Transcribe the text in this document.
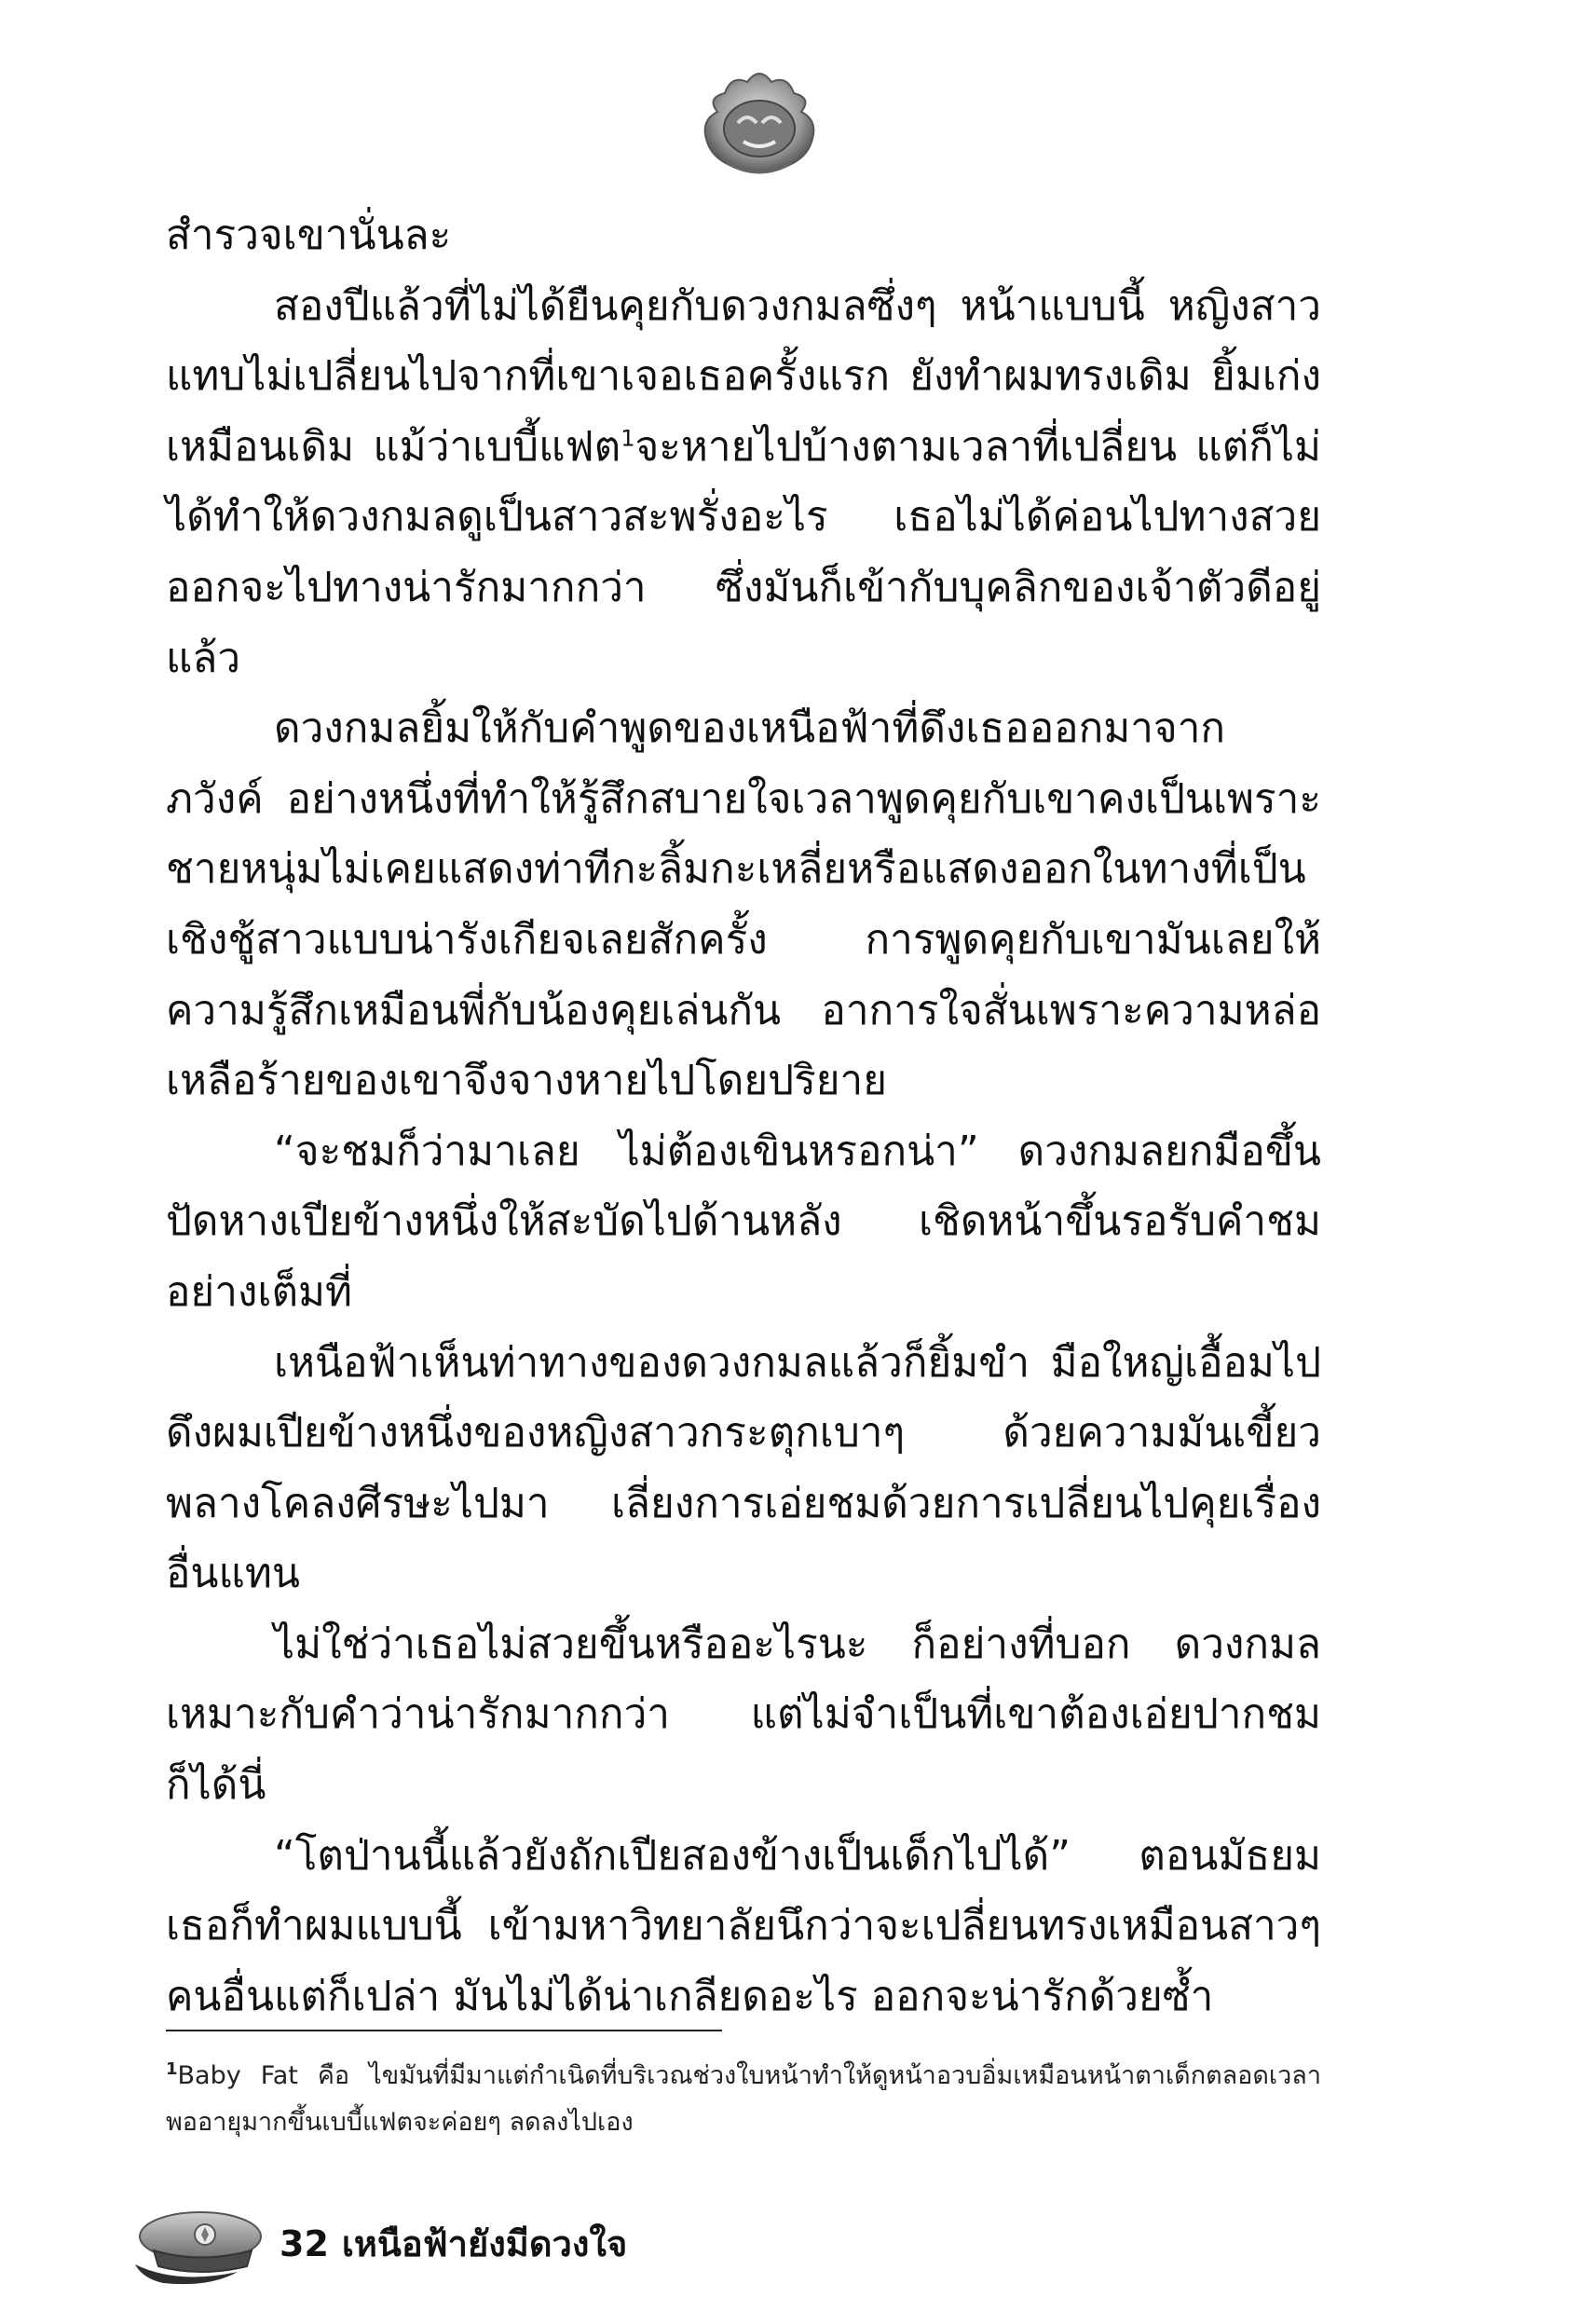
สำรวจเขานั่นละ

สองปีแล้วที่ไม่ได้ยืนคุยกับดวงกมลซึ่งๆ หน้าแบบนี้ หญิงสาวแทบไม่เปลี่ยนไปจากที่เขาเจอเธอครั้งแรก ยังทำผมทรงเดิม ยิ้มเก่งเหมือนเดิม แม้ว่าเบบี้แฟต$^1$จะหายไปบ้างตามเวลาที่เปลี่ยน แต่ก็ไม่ได้ทำให้ดวงกมลดูเป็นสาวสะพรั่งอะไร เธอไม่ได้ค่อนไปทางสวยออกจะไปทางน่ารักมากกว่า ซึ่งมันก็เข้ากับบุคลิกของเจ้าตัวดีอยู่แล้ว

ดวงกมลยิ้มให้กับคำพูดของเหนือฟ้าที่ดึงเธอออกมาจากภวังค์ อย่างหนึ่งที่ทำให้รู้สึกสบายใจเวลาพูดคุยกับเขาคงเป็นเพราะชายหนุ่มไม่เคยแสดงท่าทีกะลิ้มกะเหลี่ยหรือแสดงออกในทางที่เป็นเชิงชู้สาวแบบน่ารังเกียจเลยสักครั้ง การพูดคุยกับเขามันเลยให้ความรู้สึกเหมือนพี่กับน้องคุยเล่นกัน อาการใจสั่นเพราะความหล่อเหลือร้ายของเขาจึงจางหายไปโดยปริยาย

“จะชมก็ว่ามาเลย ไม่ต้องเขินหรอกน่า” ดวงกมลยกมือขึ้นปัดหางเปียข้างหนึ่งให้สะบัดไปด้านหลัง เชิดหน้าขึ้นรอรับคำชมอย่างเต็มที่

เหนือฟ้าเห็นท่าทางของดวงกมลแล้วก็ยิ้มขำ มือใหญ่เอื้อมไปดึงผมเปียข้างหนึ่งของหญิงสาวกระตุกเบาๆ ด้วยความมันเขี้ยว พลางโคลงศีรษะไปมา เลี่ยงการเอ่ยชมด้วยการเปลี่ยนไปคุยเรื่องอื่นแทน

ไม่ใช่ว่าเธอไม่สวยขึ้นหรืออะไรนะ ก็อย่างที่บอก ดวงกมลเหมาะกับคำว่าน่ารักมากกว่า แต่ไม่จำเป็นที่เขาต้องเอ่ยปากชมก็ได้นี่

“โตป่านนี้แล้วยังถักเปียสองข้างเป็นเด็กไปได้” ตอนมัธยมเธอก็ทำผมแบบนี้ เข้ามหาวิทยาลัยนึกว่าจะเปลี่ยนทรงเหมือนสาวๆ คนอื่นแต่ก็เปล่า มันไม่ได้น่าเกลียดอะไร ออกจะน่ารักด้วยซ้ำ

$^1$Baby Fat คือ ไขมันที่มีมาแต่กำเนิดที่บริเวณช่วงใบหน้าทำให้ดูหน้าอวบอิ่มเหมือนหน้าตาเด็กตลอดเวลา พออายุมากขึ้นเบบี้แฟตจะค่อยๆ ลดลงไปเอง

32 เหนือฟ้ายังมีดวงใจ
